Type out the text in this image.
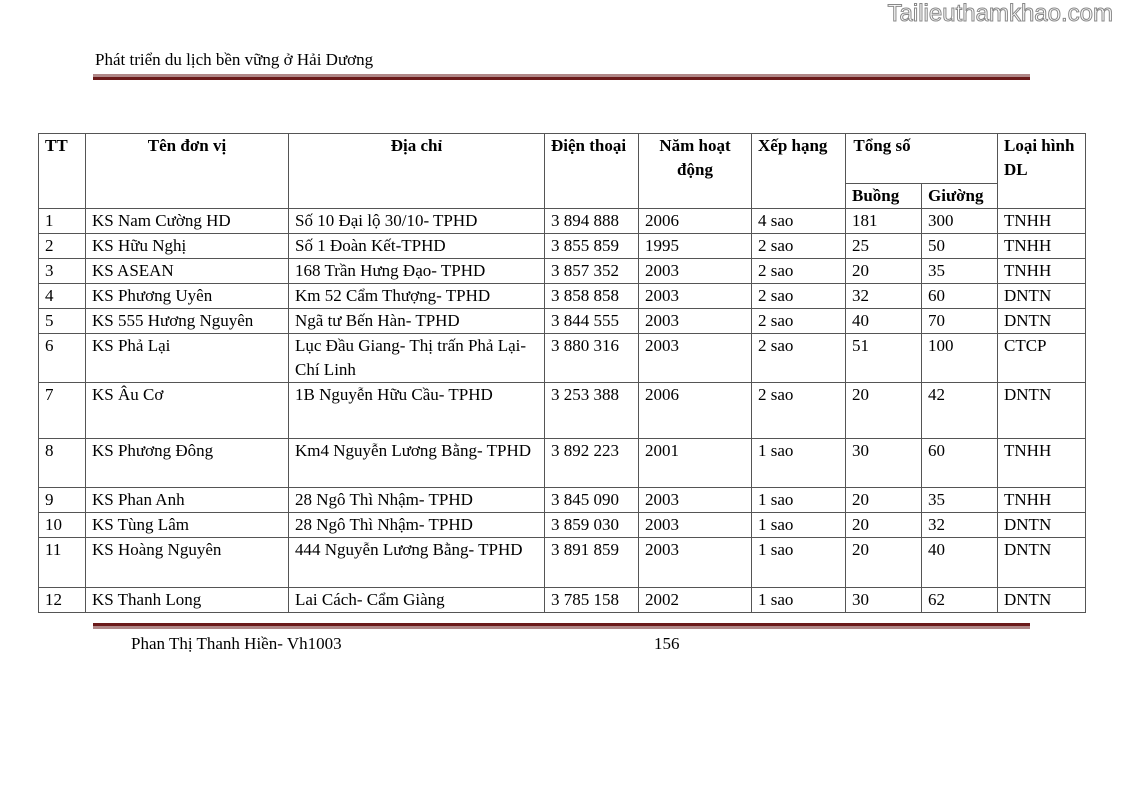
Tailieuthamkhao.com
Phát triển du lịch bền vững ở Hải Dương
TT	Tên đơn vị	Địa chỉ	Điện thoại	Năm hoạt động	Xếp hạng	Tổng số		Loại hình DL
						Buồng	Giường	
1	KS Nam Cường HD	Số 10 Đại lộ 30/10- TPHD	3 894 888	2006	4 sao	181	300	TNHH
2	KS Hữu Nghị	Số 1 Đoàn Kết-TPHD	3 855 859	1995	2 sao	25	50	TNHH
3	KS ASEAN	168 Trần Hưng Đạo- TPHD	3 857 352	2003	2 sao	20	35	TNHH
4	KS Phương Uyên	Km 52 Cẩm Thượng- TPHD	3 858 858	2003	2 sao	32	60	DNTN
5	KS 555 Hương Nguyên	Ngã tư Bến Hàn- TPHD	3 844 555	2003	2 sao	40	70	DNTN
6	KS Phả Lại	Lục Đầu Giang- Thị trấn Phả Lại- Chí Linh	3 880 316	2003	2 sao	51	100	CTCP
7	KS Âu Cơ	1B Nguyễn Hữu Cầu- TPHD	3 253 388	2006	2 sao	20	42	DNTN
8	KS Phương Đông	Km4 Nguyễn Lương Bằng- TPHD	3 892 223	2001	1 sao	30	60	TNHH
9	KS Phan Anh	28 Ngô Thì Nhậm- TPHD	3 845 090	2003	1 sao	20	35	TNHH
10	KS Tùng Lâm	28 Ngô Thì Nhậm- TPHD	3 859 030	2003	1 sao	20	32	DNTN
11	KS Hoàng Nguyên	444 Nguyễn Lương Bằng- TPHD	3 891 859	2003	1 sao	20	40	DNTN
12	KS Thanh Long	Lai Cách- Cẩm Giàng	3 785 158	2002	1 sao	30	62	DNTN
Phan Thị Thanh Hiền- Vh1003	156
